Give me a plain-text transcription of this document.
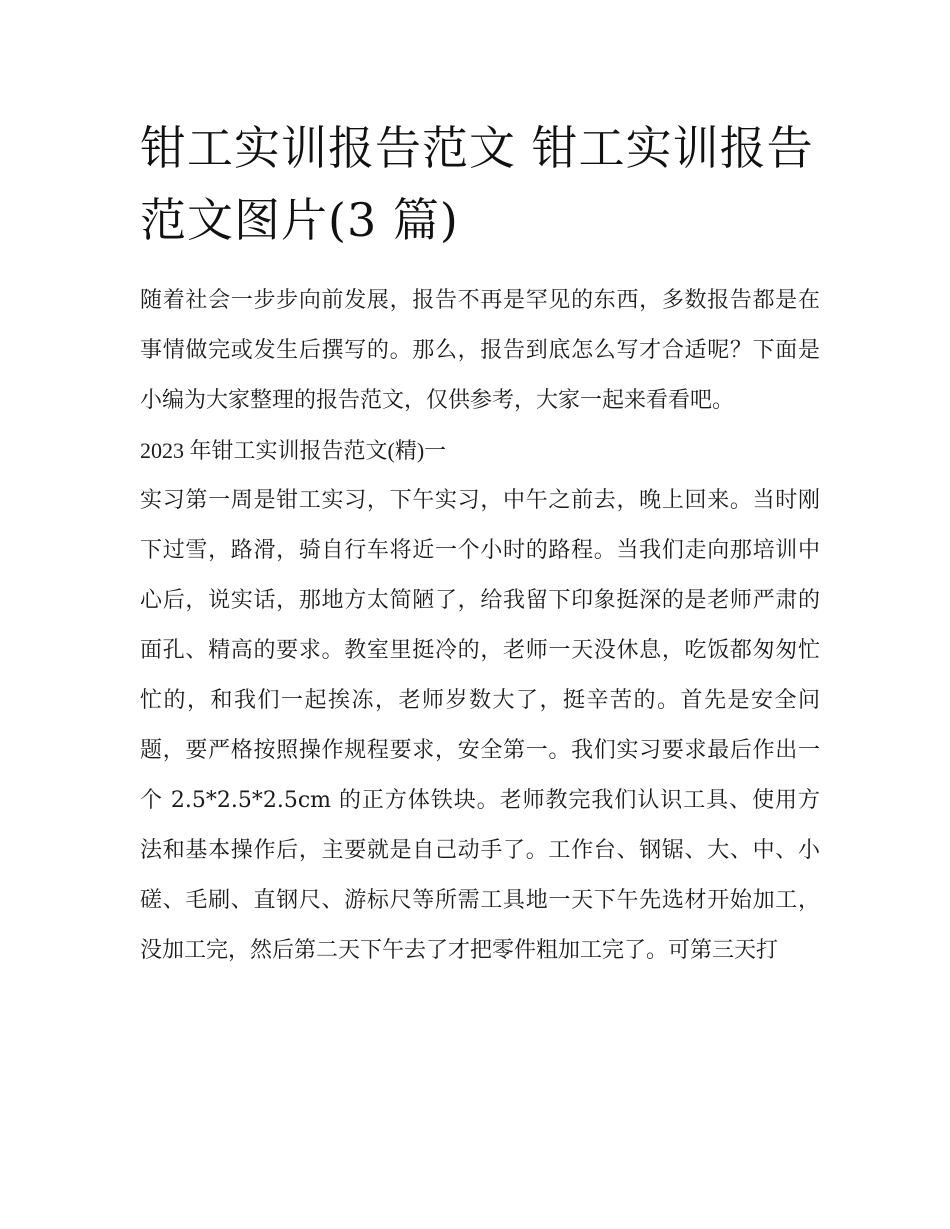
钳工实训报告范文 钳工实训报告范文图片(3 篇)

随着社会一步步向前发展，报告不再是罕见的东西，多数报告都是在事情做完或发生后撰写的。那么，报告到底怎么写才合适呢？下面是小编为大家整理的报告范文，仅供参考，大家一起来看看吧。

2023 年钳工实训报告范文(精)一

实习第一周是钳工实习，下午实习，中午之前去，晚上回来。当时刚下过雪，路滑，骑自行车将近一个小时的路程。当我们走向那培训中心后，说实话，那地方太简陋了，给我留下印象挺深的是老师严肃的面孔、精高的要求。教室里挺冷的，老师一天没休息，吃饭都匆匆忙忙的，和我们一起挨冻，老师岁数大了，挺辛苦的。首先是安全问题，要严格按照操作规程要求，安全第一。我们实习要求最后作出一个 2.5*2.5*2.5cm 的正方体铁块。老师教完我们认识工具、使用方法和基本操作后，主要就是自己动手了。工作台、钢锯、大、中、小磋、毛刷、直钢尺、游标尺等所需工具地一天下午先选材开始加工，没加工完，然后第二天下午去了才把零件粗加工完了。可第三天打
